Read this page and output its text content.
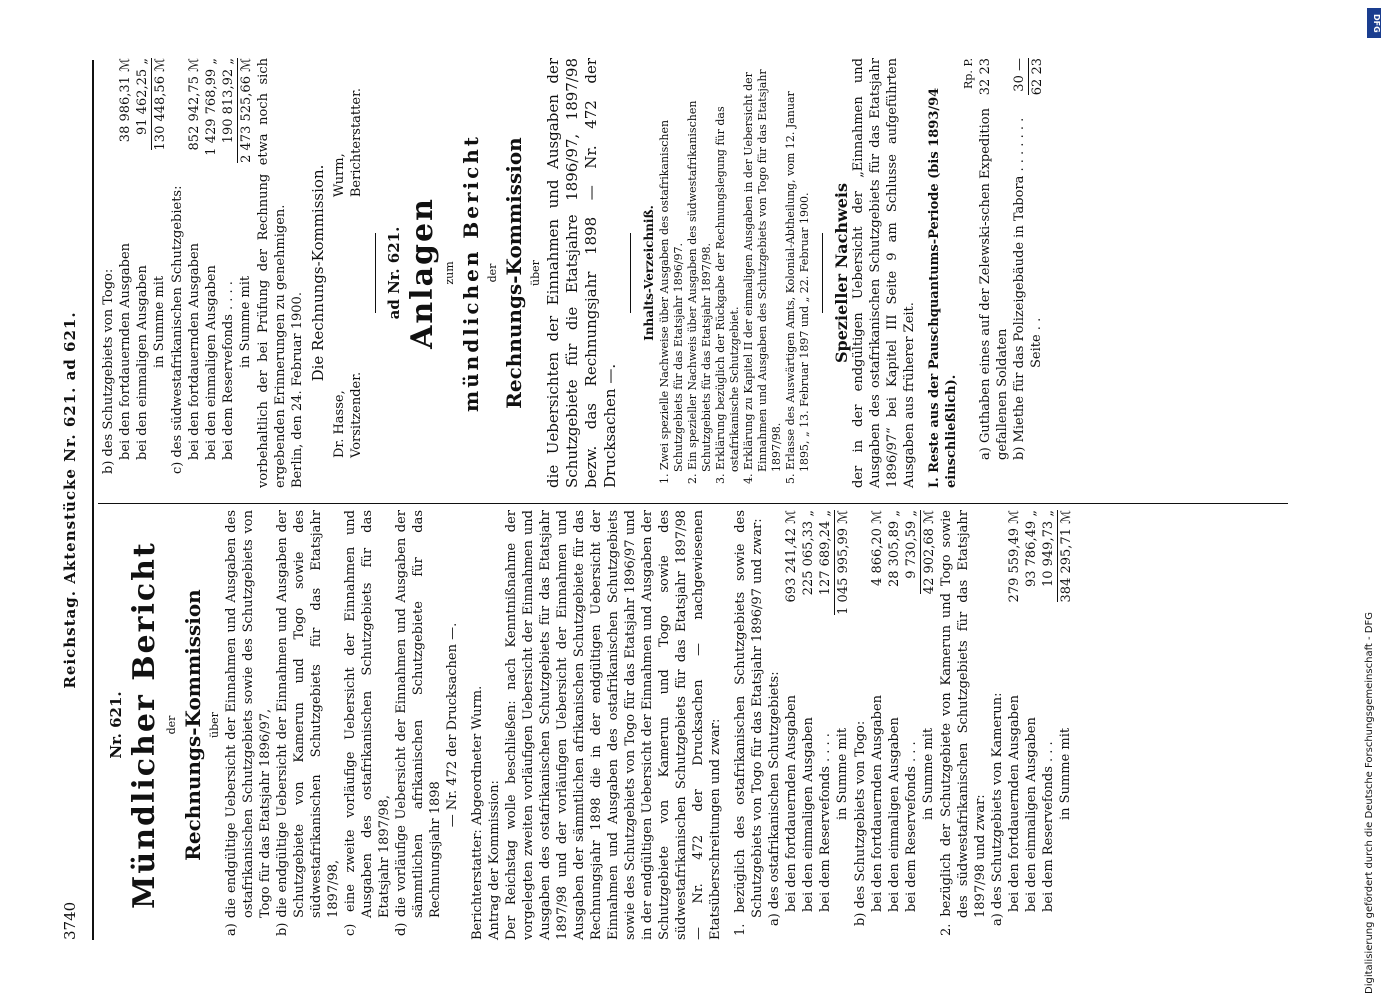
3740
Reichstag. Aktenstücke Nr. 621. ad 621.
Nr. 621. Mündlicher Bericht der Rechnungs-Kommission über a) die endgültige Uebersicht der Einnahmen und Ausgaben des ostafrikanischen Schutzgebiets sowie des Schutzgebiets von Togo für das Etatsjahr 1896/97, b) die endgültige Uebersicht der Einnahmen und Ausgaben der Schutzgebiete von Kamerun und Togo sowie des südwestafrikanischen Schutzgebiets für das Etatsjahr 1897/98, c) eine zweite vorläufige Uebersicht der Einnahmen und Ausgaben des ostafrikanischen Schutzgebiets für das Etatsjahr 1897/98, d) die vorläufige Uebersicht der Einnahmen und Ausgaben der sämmtlichen afrikanischen Schutzgebiete für das Rechnungsjahr 1898

— Nr. 472 der Drucksachen —. Berichterstatter: Abgeordneter Wurm. Antrag der Kommission: Der Reichstag wolle beschließen: nach Kenntnißnahme der vorgelegten zweiten vorläufigen Uebersicht der Einnahmen und Ausgaben des ostafrikanischen Schutzgebiets für das Etatsjahr 1897/98 und der vorläufigen Uebersicht der Einnahmen und Ausgaben der sämmtlichen afrikanischen Schutzgebiete für das Rechnungsjahr 1898 die in der endgültigen Uebersicht der Einnahmen und Ausgaben des ostafrikanischen Schutzgebiets sowie des Schutzgebiets von Togo für das Etatsjahr 1896/97 und in der endgültigen Uebersicht der Einnahmen und Ausgaben der Schutzgebiete von Kamerun und Togo sowie des südwestafrikanischen Schutzgebiets für das Etatsjahr 1897/98 — Nr. 472 der Drucksachen — nachgewiesenen Etatsüberschreitungen und zwar: 1. bezüglich des ostafrikanischen Schutzgebiets sowie des Schutzgebiets von Togo für das Etatsjahr 1896/97 und zwar: a) des ostafrikanischen Schutzgebiets: bei den fortdauernden Ausgaben
693 241,42 ℳ
bei den einmaligen Ausgaben
225 065,33 „
bei dem Reservefonds . . . .
127 689,24 „
in Summe mit
1 045 995,99 ℳ
b) des Schutzgebiets von Togo: bei den fortdauernden Ausgaben
4 866,20 ℳ
bei den einmaligen Ausgaben
28 305,89 „
bei dem Reservefonds . . .
9 730,59 „
in Summe mit
42 902,68 ℳ 2. bezüglich der Schutzgebiete von Kamerun und Togo sowie des südwestafrikanischen Schutzgebiets für das Etatsjahr 1897/98 und zwar: a) des Schutzgebiets von Kamerun: bei den fortdauernden Ausgaben
279 559,49 ℳ
bei den einmaligen Ausgaben
93 786,49 „
bei dem Reservefonds . . .
10 949,73 „
in Summe mit
384 295,71 ℳ
b) des Schutzgebiets von Togo: bei den fortdauernden Ausgaben
38 986,31 ℳ
bei den einmaligen Ausgaben
91 462,25 „
in Summe mit
130 448,56 ℳ
c) des südwestafrikanischen Schutzgebiets: bei den fortdauernden Ausgaben
852 942,75 ℳ
bei den einmaligen Ausgaben
1 429 768,99 „
bei dem Reservefonds . . . .
190 813,92 „
in Summe mit
2 473 525,66 ℳ vorbehaltlich der bei Prüfung der Rechnung etwa noch sich ergebenden Erinnerungen zu genehmigen. Berlin, den 24. Februar 1900.
Die Rechnungs-Kommission.
Dr. Hasse, Vorsitzender.
Wurm, Berichterstatter.
ad Nr. 621. Anlagen zum mündlichen Bericht der Rechnungs-Kommission über die Uebersichten der Einnahmen und Ausgaben der Schutzgebiete für die Etatsjahre 1896/97, 1897/98 bezw. das Rechnungsjahr 1898 — Nr. 472 der Drucksachen —.
Inhalts-Verzeichniß. 1. Zwei spezielle Nachweise über Ausgaben des ostafrikanischen Schutzgebiets für das Etatsjahr 1896/97. 2. Ein spezieller Nachweis über Ausgaben des südwestafrikanischen Schutzgebiets für das Etatsjahr 1897/98. 3. Erklärung bezüglich der Rückgabe der Rechnungslegung für das ostafrikanische Schutzgebiet. 4. Erklärung zu Kapitel II der einmaligen Ausgaben in der Uebersicht der Einnahmen und Ausgaben des Schutzgebiets von Togo für das Etatsjahr 1897/98. 5. Erlasse des Auswärtigen Amts, Kolonial-Abtheilung, vom 12. Januar 1895, „ 13. Februar 1897 und „ 22. Februar 1900. Spezieller Nachweis der in der endgültigen Uebersicht der „Einnahmen und Ausgaben des ostafrikanischen Schutzgebiets für das Etatsjahr 1896/97“ bei Kapitel III Seite 9 am Schlusse aufgeführten Ausgaben aus früherer Zeit. I. Reste aus der Pauschquantums-Periode (bis 1893/94 einschließlich).
Rp. P.
a) Guthaben eines auf der Zelewski-schen Expedition gefallenen Soldaten
32 23
b) Miethe für das Polizeigebäude in Tabora . . . . . . .
30 —
Seite . .
62 23
DFG
Digitalisierung gefördert durch die Deutsche Forschungsgemeinschaft - DFG
